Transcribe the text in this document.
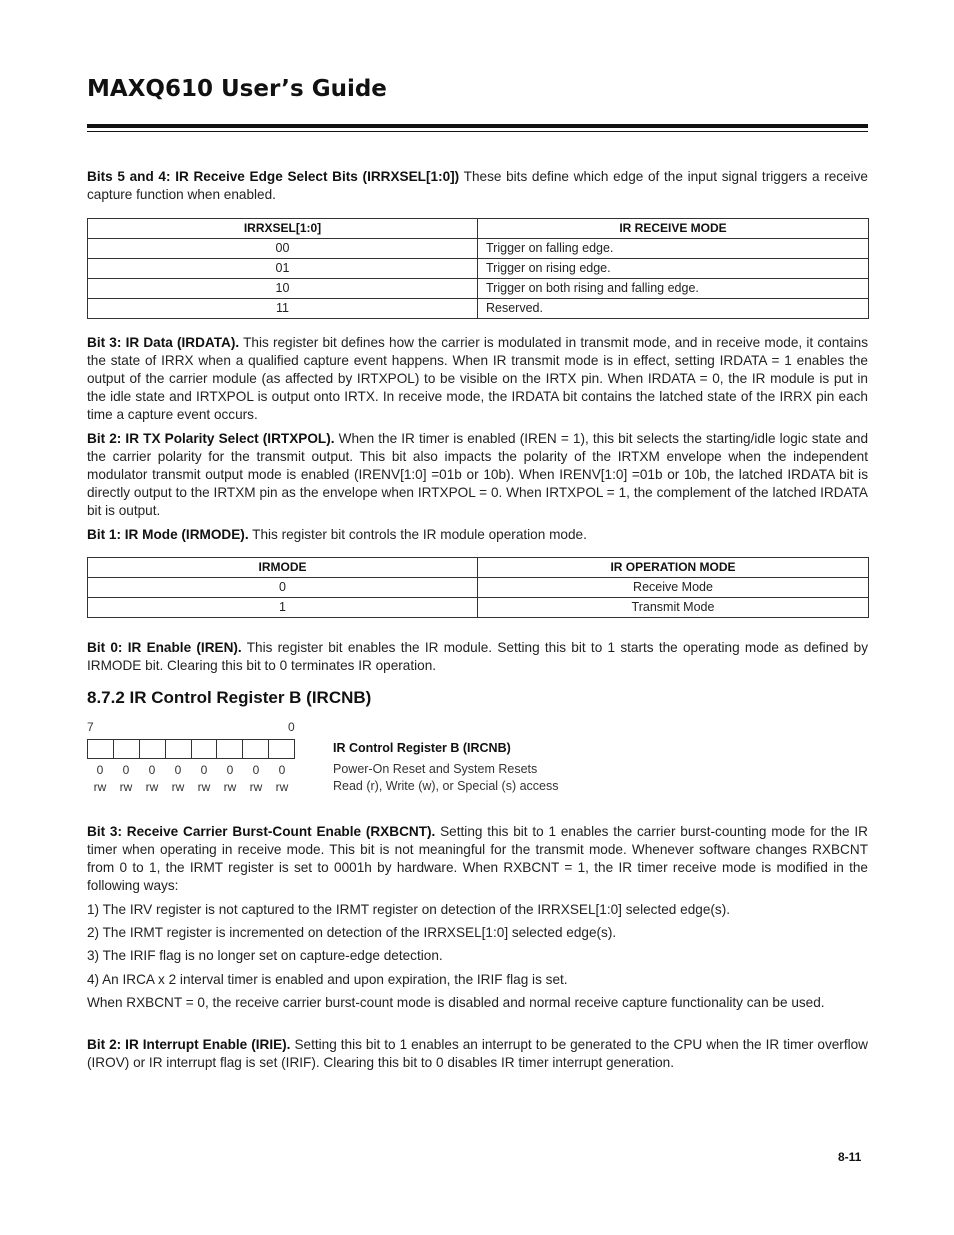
MAXQ610 User’s Guide

Bits 5 and 4: IR Receive Edge Select Bits (IRRXSEL[1:0]) These bits define which edge of the input signal triggers a receive capture function when enabled.

IRRXSEL[1:0]	IR RECEIVE MODE
00	Trigger on falling edge.
01	Trigger on rising edge.
10	Trigger on both rising and falling edge.
11	Reserved.

Bit 3: IR Data (IRDATA). This register bit defines how the carrier is modulated in transmit mode, and in receive mode, it contains the state of IRRX when a qualified capture event happens. When IR transmit mode is in effect, setting IRDATA = 1 enables the output of the carrier module (as affected by IRTXPOL) to be visible on the IRTX pin. When IRDATA = 0, the IR module is put in the idle state and IRTXPOL is output onto IRTX. In receive mode, the IRDATA bit contains the latched state of the IRRX pin each time a capture event occurs.

Bit 2: IR TX Polarity Select (IRTXPOL). When the IR timer is enabled (IREN = 1), this bit selects the starting/idle logic state and the carrier polarity for the transmit output. This bit also impacts the polarity of the IRTXM envelope when the independent modulator transmit output mode is enabled (IRENV[1:0] =01b or 10b). When IRENV[1:0] =01b or 10b, the latched IRDATA bit is directly output to the IRTXM pin as the envelope when IRTXPOL = 0. When IRTXPOL = 1, the complement of the latched IRDATA bit is output.

Bit 1: IR Mode (IRMODE). This register bit controls the IR module operation mode.

IRMODE	IR OPERATION MODE
0	Receive Mode
1	Transmit Mode

Bit 0: IR Enable (IREN). This register bit enables the IR module. Setting this bit to 1 starts the operating mode as defined by IRMODE bit. Clearing this bit to 0 terminates IR operation.

8.7.2 IR Control Register B (IRCNB)
7	0
0	0	0	0	0	0	0	0
rw	rw	rw	rw	rw	rw	rw	rw
IR Control Register B (IRCNB)
Power-On Reset and System Resets
Read (r), Write (w), or Special (s) access

Bit 3: Receive Carrier Burst-Count Enable (RXBCNT). Setting this bit to 1 enables the carrier burst-counting mode for the IR timer when operating in receive mode. This bit is not meaningful for the transmit mode. Whenever software changes RXBCNT from 0 to 1, the IRMT register is set to 0001h by hardware. When RXBCNT = 1, the IR timer receive mode is modified in the following ways:

1) The IRV register is not captured to the IRMT register on detection of the IRRXSEL[1:0] selected edge(s).

2) The IRMT register is incremented on detection of the IRRXSEL[1:0] selected edge(s).

3) The IRIF flag is no longer set on capture-edge detection.

4) An IRCA x 2 interval timer is enabled and upon expiration, the IRIF flag is set.

When RXBCNT = 0, the receive carrier burst-count mode is disabled and normal receive capture functionality can be used.

Bit 2: IR Interrupt Enable (IRIE). Setting this bit to 1 enables an interrupt to be generated to the CPU when the IR timer overflow (IROV) or IR interrupt flag is set (IRIF). Clearing this bit to 0 disables IR timer interrupt generation.

8-11
